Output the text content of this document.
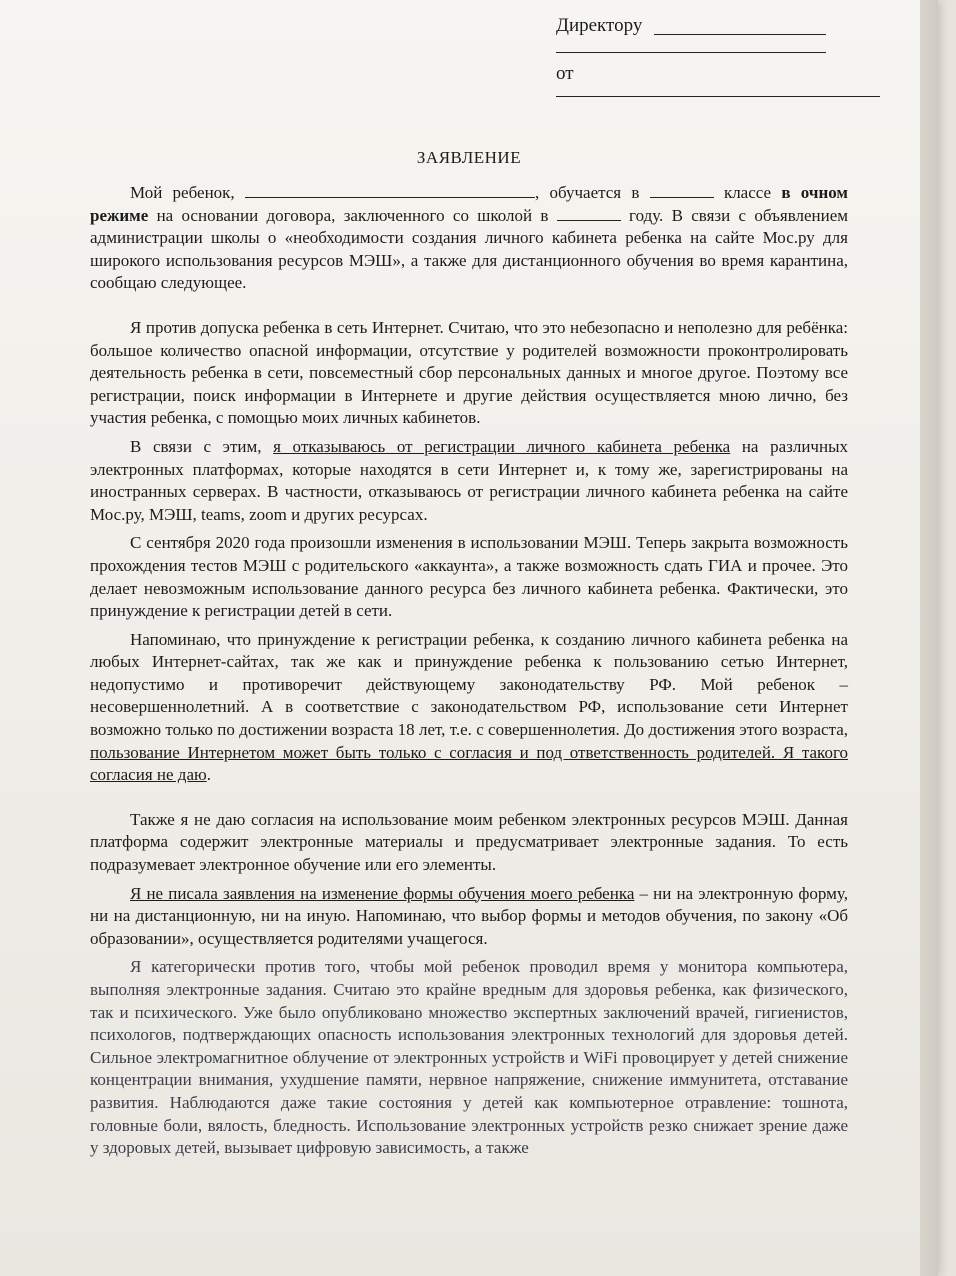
Директору
от
ЗАЯВЛЕНИЕ

Мой ребенок,	, обучается в	классе в очном режиме на основании договора, заключенного со школой в	году. В связи с объявлением администрации школы о «необходимости создания личного кабинета ребенка на сайте Мос.ру для широкого использования ресурсов МЭШ», а также для дистанционного обучения во время карантина, сообщаю следующее.

Я против допуска ребенка в сеть Интернет. Считаю, что это небезопасно и неполезно для ребёнка: большое количество опасной информации, отсутствие у родителей возможности проконтролировать деятельность ребенка в сети, повсеместный сбор персональных данных и многое другое. Поэтому все регистрации, поиск информации в Интернете и другие действия осуществляется мною лично, без участия ребенка, с помощью моих личных кабинетов.

В связи с этим, я отказываюсь от регистрации личного кабинета ребенка на различных электронных платформах, которые находятся в сети Интернет и, к тому же, зарегистрированы на иностранных серверах. В частности, отказываюсь от регистрации личного кабинета ребенка на сайте Мос.ру, МЭШ, teams, zoom и других ресурсах.

С сентября 2020 года произошли изменения в использовании МЭШ. Теперь закрыта возможность прохождения тестов МЭШ с родительского «аккаунта», а также возможность сдать ГИА и прочее. Это делает невозможным использование данного ресурса без личного кабинета ребенка. Фактически, это принуждение к регистрации детей в сети.

Напоминаю, что принуждение к регистрации ребенка, к созданию личного кабинета ребенка на любых Интернет-сайтах, так же как и принуждение ребенка к пользованию сетью Интернет, недопустимо и противоречит действующему законодательству РФ. Мой ребенок – несовершеннолетний. А в соответствие с законодательством РФ, использование сети Интернет возможно только по достижении возраста 18 лет, т.е. с совершеннолетия. До достижения этого возраста, пользование Интернетом может быть только с согласия и под ответственность родителей. Я такого согласия не даю.

Также я не даю согласия на использование моим ребенком электронных ресурсов МЭШ. Данная платформа содержит электронные материалы и предусматривает электронные задания. То есть подразумевает электронное обучение или его элементы.

Я не писала заявления на изменение формы обучения моего ребенка – ни на электронную форму, ни на дистанционную, ни на иную. Напоминаю, что выбор формы и методов обучения, по закону «Об образовании», осуществляется родителями учащегося.

Я категорически против того, чтобы мой ребенок проводил время у монитора компьютера, выполняя электронные задания. Считаю это крайне вредным для здоровья ребенка, как физического, так и психического. Уже было опубликовано множество экспертных заключений врачей, гигиенистов, психологов, подтверждающих опасность использования электронных технологий для здоровья детей. Сильное электромагнитное облучение от электронных устройств и WiFi провоцирует у детей снижение концентрации внимания, ухудшение памяти, нервное напряжение, снижение иммунитета, отставание развития. Наблюдаются даже такие состояния у детей как компьютерное отравление: тошнота, головные боли, вялость, бледность. Использование электронных устройств резко снижает зрение даже у здоровых детей, вызывает цифровую зависимость, а также
